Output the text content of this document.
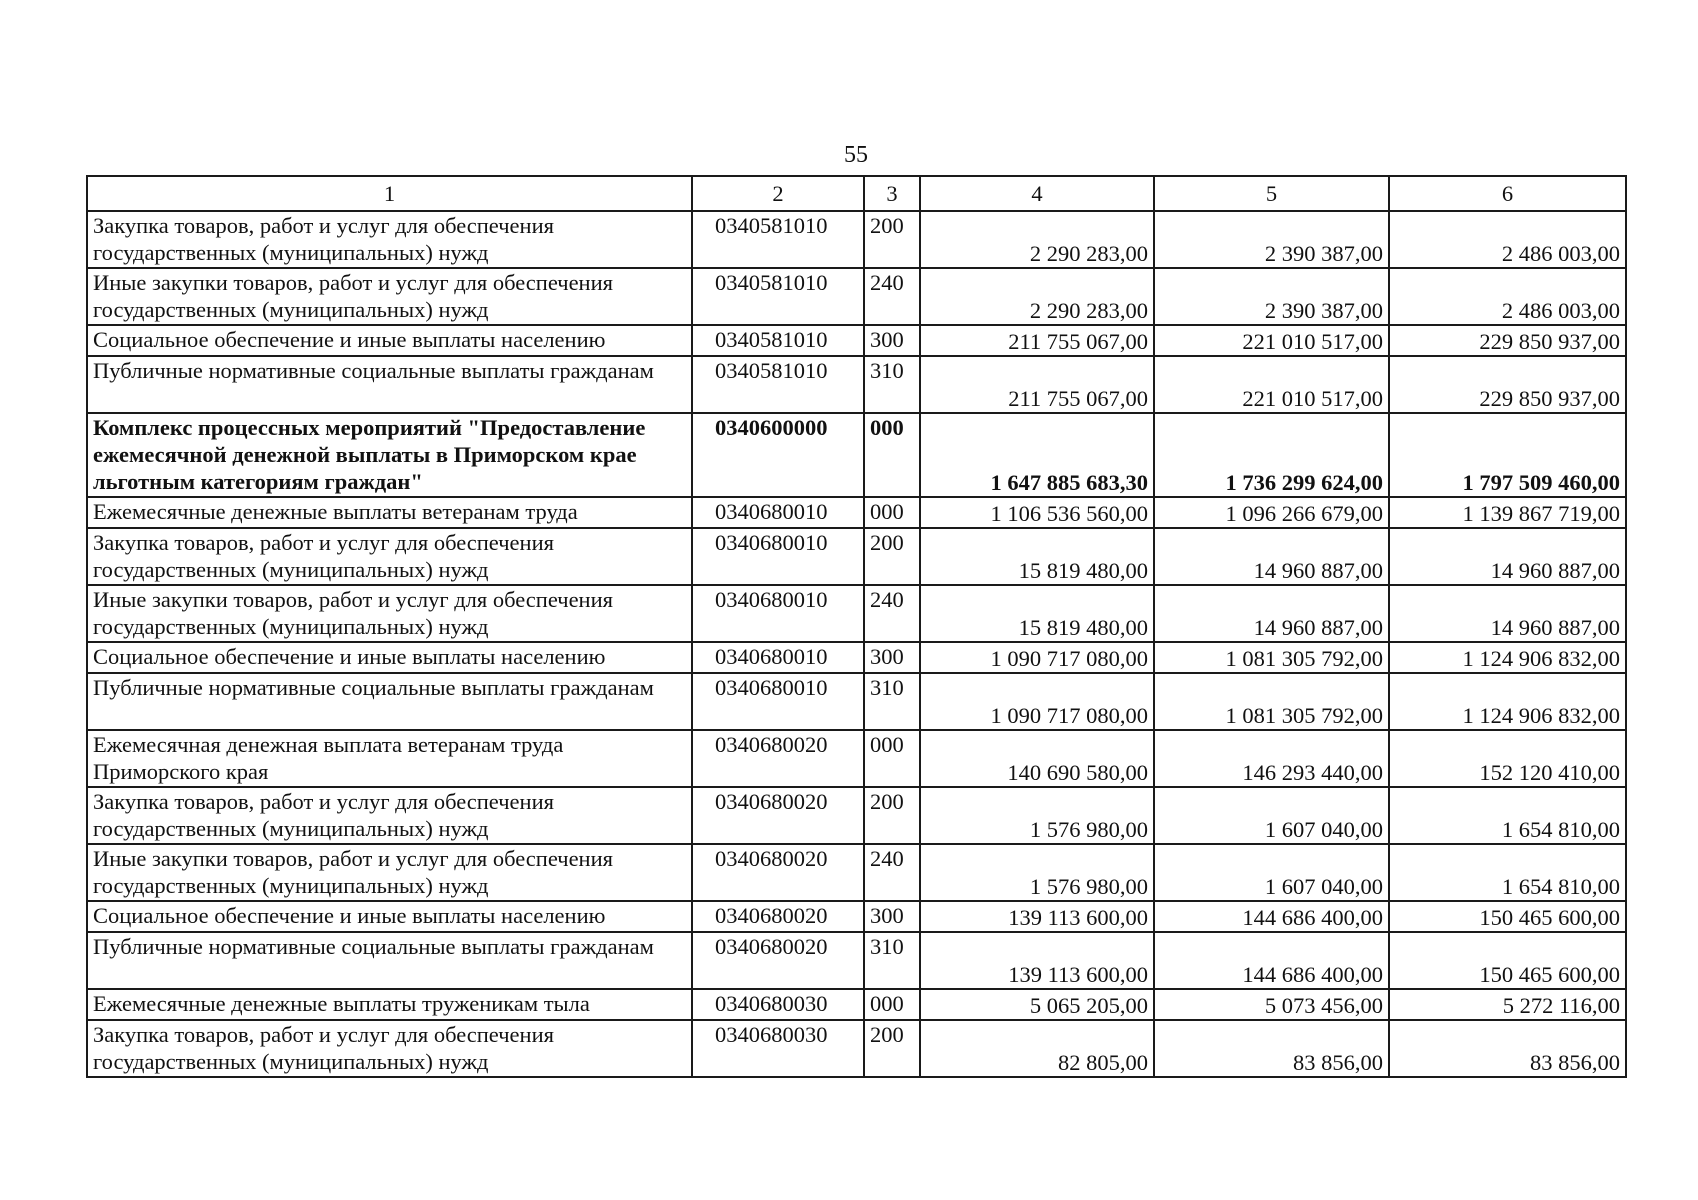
55
1	2	3	4	5	6
Закупка товаров, работ и услуг для обеспечения государственных (муниципальных) нужд	0340581010	200	2 290 283,00	2 390 387,00	2 486 003,00
Иные закупки товаров, работ и услуг для обеспечения государственных (муниципальных) нужд	0340581010	240	2 290 283,00	2 390 387,00	2 486 003,00
Социальное обеспечение и иные выплаты населению	0340581010	300	211 755 067,00	221 010 517,00	229 850 937,00
Публичные нормативные социальные выплаты гражданам	0340581010	310	211 755 067,00	221 010 517,00	229 850 937,00
Комплекс процессных мероприятий "Предоставление ежемесячной денежной выплаты в Приморском крае льготным категориям граждан"	0340600000	000	1 647 885 683,30	1 736 299 624,00	1 797 509 460,00
Ежемесячные денежные выплаты ветеранам труда	0340680010	000	1 106 536 560,00	1 096 266 679,00	1 139 867 719,00
Закупка товаров, работ и услуг для обеспечения государственных (муниципальных) нужд	0340680010	200	15 819 480,00	14 960 887,00	14 960 887,00
Иные закупки товаров, работ и услуг для обеспечения государственных (муниципальных) нужд	0340680010	240	15 819 480,00	14 960 887,00	14 960 887,00
Социальное обеспечение и иные выплаты населению	0340680010	300	1 090 717 080,00	1 081 305 792,00	1 124 906 832,00
Публичные нормативные социальные выплаты гражданам	0340680010	310	1 090 717 080,00	1 081 305 792,00	1 124 906 832,00
Ежемесячная денежная выплата ветеранам труда Приморского края	0340680020	000	140 690 580,00	146 293 440,00	152 120 410,00
Закупка товаров, работ и услуг для обеспечения государственных (муниципальных) нужд	0340680020	200	1 576 980,00	1 607 040,00	1 654 810,00
Иные закупки товаров, работ и услуг для обеспечения государственных (муниципальных) нужд	0340680020	240	1 576 980,00	1 607 040,00	1 654 810,00
Социальное обеспечение и иные выплаты населению	0340680020	300	139 113 600,00	144 686 400,00	150 465 600,00
Публичные нормативные социальные выплаты гражданам	0340680020	310	139 113 600,00	144 686 400,00	150 465 600,00
Ежемесячные денежные выплаты труженикам тыла	0340680030	000	5 065 205,00	5 073 456,00	5 272 116,00
Закупка товаров, работ и услуг для обеспечения государственных (муниципальных) нужд	0340680030	200	82 805,00	83 856,00	83 856,00
